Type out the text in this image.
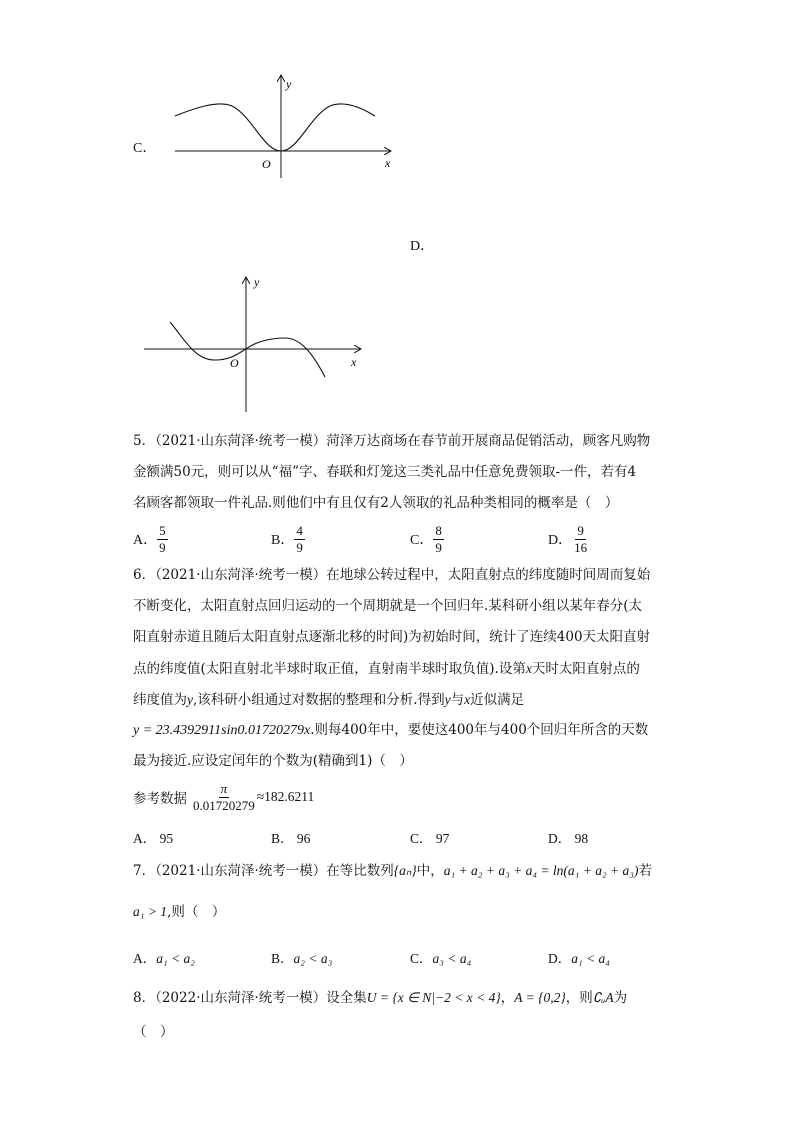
C．
x
y
O
D．
x
y
O
5．（2021·山东菏泽·统考一模）菏泽万达商场在春节前开展商品促销活动，顾客凡购物
金额满50元，则可以从“福”字、春联和灯笼这三类礼品中任意免费领取-一件，若有4
名顾客都领取一件礼品.则他们中有且仅有2人领取的礼品种类相同的概率是（　）
A． $\frac{5}{9}$	B． $\frac{4}{9}$	C． $\frac{8}{9}$	D． $\frac{9}{16}$
6．（2021·山东菏泽·统考一模）在地球公转过程中，太阳直射点的纬度随时间周而复始
不断变化，太阳直射点回归运动的一个周期就是一个回归年.某科研小组以某年春分(太
阳直射赤道且随后太阳直射点逐渐北移的时间)为初始时间，统计了连续400天太阳直射
点的纬度值(太阳直射北半球时取正值，直射南半球时取负值).设第x天时太阳直射点的
纬度值为y,该科研小组通过对数据的整理和分析.得到y与x近似满足
y = 23.4392911sin0.01720279x.则每400年中，要使这400年与400个回归年所含的天数
最为接近.应设定闰年的个数为(精确到1)（　）
参考数据 $\frac{\pi}{0.01720279} \approx 182.6211$
A． 95	B． 96	C． 97	D． 98
7．（2021·山东菏泽·统考一模）在等比数列{aₙ}中，a₁ + a₂ + a₃ + a₄ = ln(a₁ + a₂ + a₃)若
a₁ > 1,则（　）
A．a₁ < a₂	B．a₂ < a₃	C．a₃ < a₄	D．a₁ < a₄
8．（2022·山东菏泽·统考一模）设全集U = {x ∈ N|−2 < x < 4}，A = {0,2}，则∁ᵤA为
（　）
